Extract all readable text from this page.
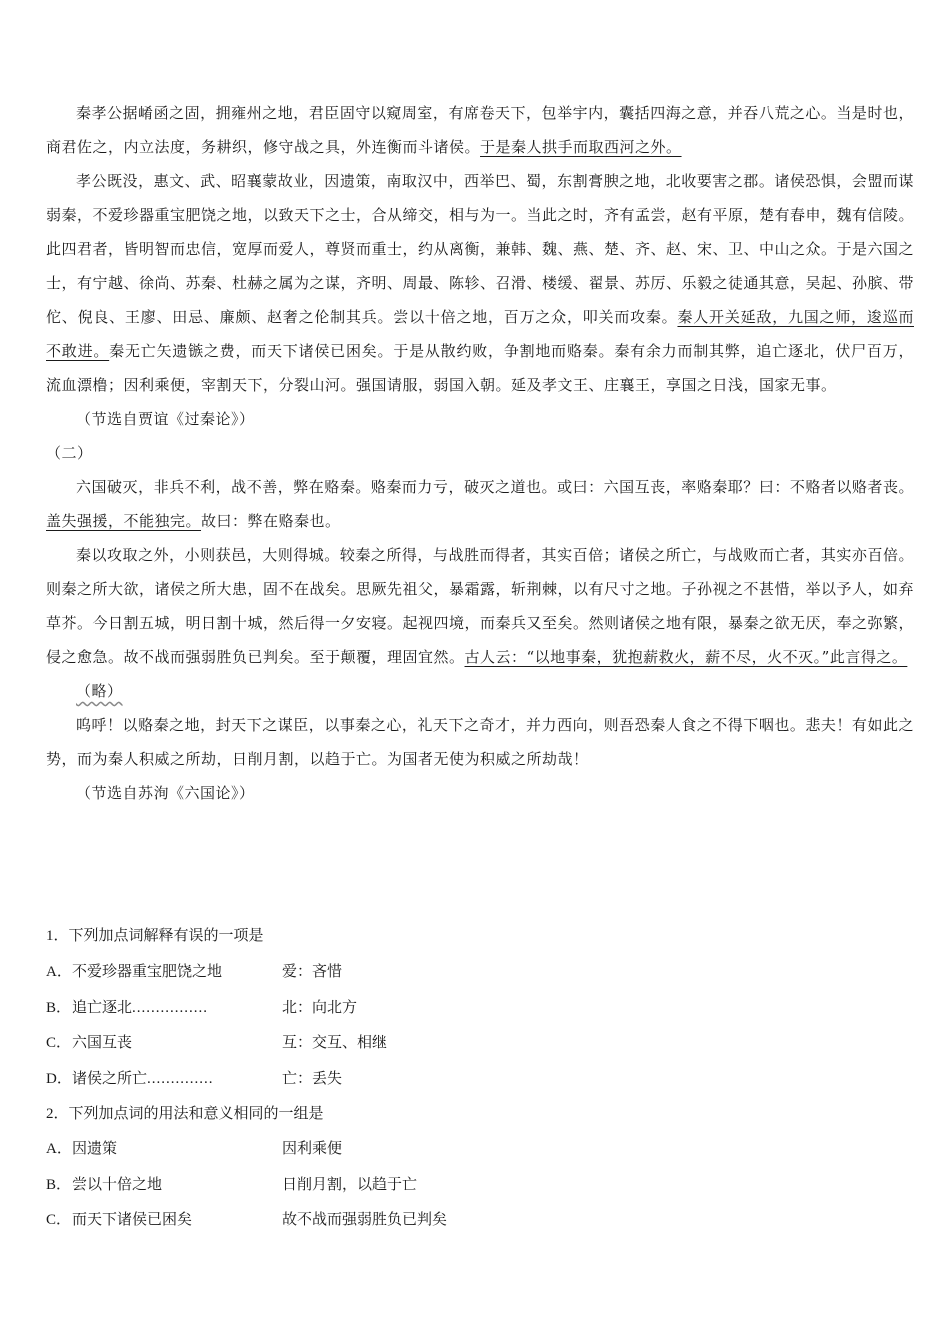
秦孝公据崤函之固，拥雍州之地，君臣固守以窥周室，有席卷天下，包举宇内，囊括四海之意，并吞八荒之心。当是时也，商君佐之，内立法度，务耕织，修守战之具，外连衡而斗诸侯。于是秦人拱手而取西河之外。

孝公既没，惠文、武、昭襄蒙故业，因遗策，南取汉中，西举巴、蜀，东割膏腴之地，北收要害之郡。诸侯恐惧，会盟而谋弱秦，不爱珍器重宝肥饶之地，以致天下之士，合从缔交，相与为一。当此之时，齐有孟尝，赵有平原，楚有春申，魏有信陵。此四君者，皆明智而忠信，宽厚而爱人，尊贤而重士，约从离衡，兼韩、魏、燕、楚、齐、赵、宋、卫、中山之众。于是六国之士，有宁越、徐尚、苏秦、杜赫之属为之谋，齐明、周最、陈轸、召滑、楼缓、翟景、苏厉、乐毅之徒通其意，吴起、孙膑、带佗、倪良、王廖、田忌、廉颇、赵奢之伦制其兵。尝以十倍之地，百万之众，叩关而攻秦。秦人开关延敌，九国之师，逡巡而不敢进。秦无亡矢遗镞之费，而天下诸侯已困矣。于是从散约败，争割地而赂秦。秦有余力而制其弊，追亡逐北，伏尸百万，流血漂橹；因利乘便，宰割天下，分裂山河。强国请服，弱国入朝。延及孝文王、庄襄王，享国之日浅，国家无事。

（节选自贾谊《过秦论》）

（二）

六国破灭，非兵不利，战不善，弊在赂秦。赂秦而力亏，破灭之道也。或曰：六国互丧，率赂秦耶？曰：不赂者以赂者丧。盖失强援，不能独完。故曰：弊在赂秦也。

秦以攻取之外，小则获邑，大则得城。较秦之所得，与战胜而得者，其实百倍；诸侯之所亡，与战败而亡者，其实亦百倍。则秦之所大欲，诸侯之所大患，固不在战矣。思厥先祖父，暴霜露，斩荆棘，以有尺寸之地。子孙视之不甚惜，举以予人，如弃草芥。今日割五城，明日割十城，然后得一夕安寝。起视四境，而秦兵又至矣。然则诸侯之地有限，暴秦之欲无厌，奉之弥繁，侵之愈急。故不战而强弱胜负已判矣。至于颠覆，理固宜然。古人云：“以地事秦，犹抱薪救火，薪不尽，火不灭。”此言得之。

（略）

呜呼！以赂秦之地，封天下之谋臣，以事秦之心，礼天下之奇才，并力西向，则吾恐秦人食之不得下咽也。悲夫！有如此之势，而为秦人积威之所劫，日削月割，以趋于亡。为国者无使为积威之所劫哉！

（节选自苏洵《六国论》）

1．下列加点词解释有误的一项是
A．不爱珍器重宝肥饶之地	爱：吝惜
B．追亡逐北................	北：向北方
C．六国互丧	互：交互、相继
D．诸侯之所亡..............	亡：丢失
2．下列加点词的用法和意义相同的一组是
A．因遗策	因利乘便
B．尝以十倍之地	日削月割，以趋于亡
C．而天下诸侯已困矣	故不战而强弱胜负已判矣
